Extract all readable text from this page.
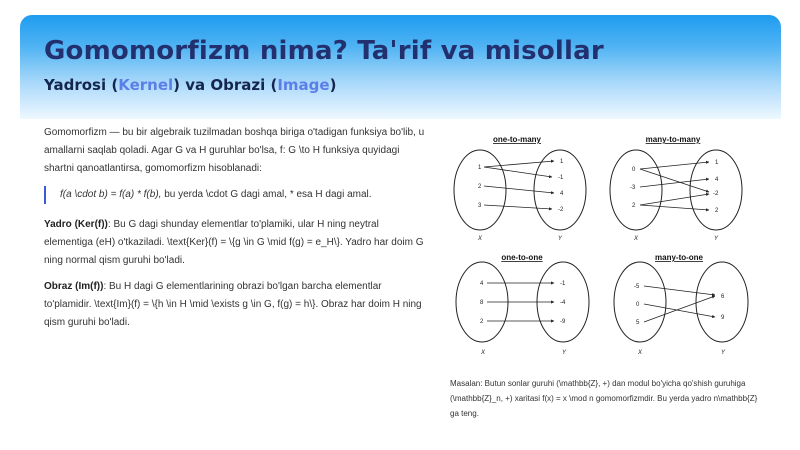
Gomomorfizm nima? Ta'rif va misollar
Yadrosi (Kernel) va Obrazi (Image)

Gomomorfizm — bu bir algebraik tuzilmadan boshqa biriga o'tadigan funksiya bo'lib, u amallarni saqlab qoladi. Agar G va H guruhlar bo'lsa, f: G \to H funksiya quyidagi shartni qanoatlantirsa, gomomorfizm hisoblanadi:

f(a \cdot b) = f(a) * f(b), bu yerda \cdot G dagi amal, * esa H dagi amal.

Yadro (Ker(f)): Bu G dagi shunday elementlar to'plamiki, ular H ning neytral elementiga (eH) o'tkaziladi. \text{Ker}(f) = \{g \in G \mid f(g) = e_H\}. Yadro har doim G ning normal qism guruhi bo'ladi.

Obraz (Im(f)): Bu H dagi G elementlarining obrazi bo'lgan barcha elementlar to'plamidir. \text{Im}(f) = \{h \in H \mid \exists g \in G, f(g) = h\}. Obraz har doim H ning qism guruhi bo'ladi.

one-to-many
1
2
3
1
-1
4
-2
X	Y
many-to-many
0
-3
2
1
4
-2
2
X	Y
one-to-one
4
8
2
-1
-4
-9
X	Y
many-to-one
-5
0
5
6
9
X	Y
Masalan: Butun sonlar guruhi (\mathbb{Z}, +) dan modul bo'yicha qo'shish guruhiga (\mathbb{Z}_n, +) xaritasi f(x) = x \mod n gomomorfizmdir. Bu yerda yadro n\mathbb{Z} ga teng.
